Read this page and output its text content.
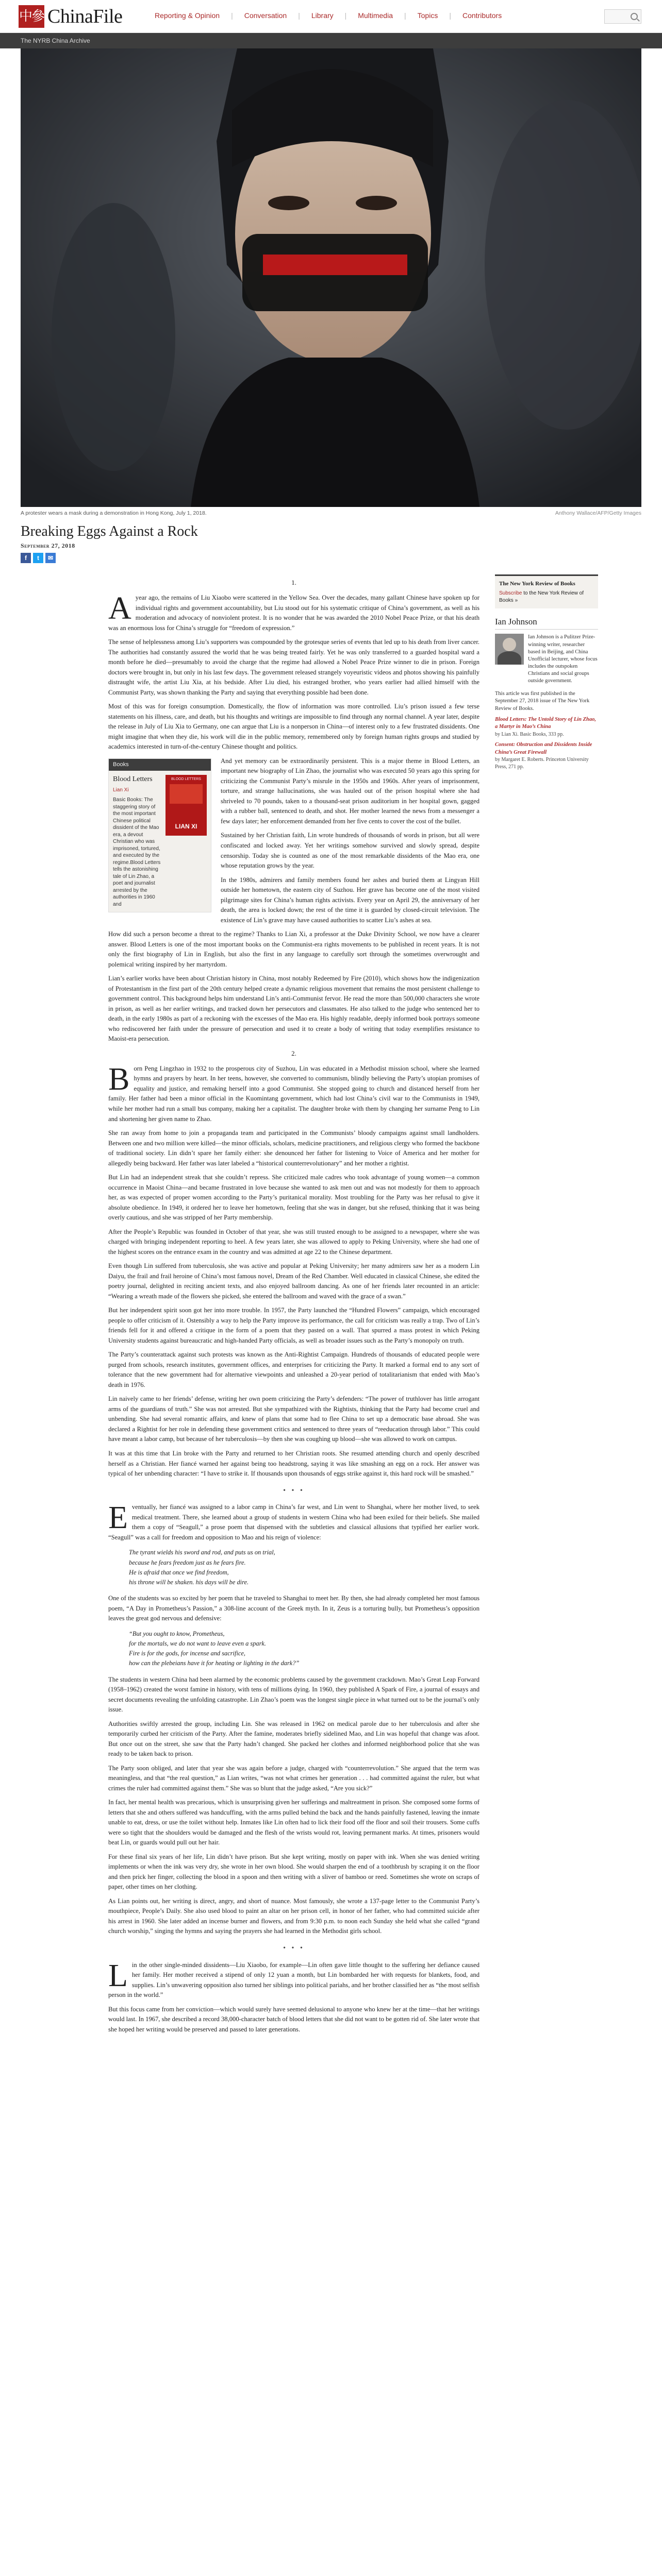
中參 ChinaFile	Reporting & Opinion | Conversation | Library | Multimedia | Topics | Contributors
The NYRB China Archive
A protester wears a mask during a demonstration in Hong Kong, July 1, 2018.	Anthony Wallace/AFP/Getty Images
Breaking Eggs Against a Rock
September 27, 2018
f	t	✉
1.

Ayear ago, the remains of Liu Xiaobo were scattered in the Yellow Sea. Over the decades, many gallant Chinese have spoken up for individual rights and government accountability, but Liu stood out for his systematic critique of China’s government, as well as his moderation and advocacy of nonviolent protest. It is no wonder that he was awarded the 2010 Nobel Peace Prize, or that his death was an enormous loss for China’s struggle for “freedom of expression.”

The sense of helplessness among Liu’s supporters was compounded by the grotesque series of events that led up to his death from liver cancer. The authorities had constantly assured the world that he was being treated fairly. Yet he was only transferred to a guarded hospital ward a month before he died—presumably to avoid the charge that the regime had allowed a Nobel Peace Prize winner to die in prison. Foreign doctors were brought in, but only in his last few days. The government released strangely voyeuristic videos and photos showing his painfully distraught wife, the artist Liu Xia, at his bedside. After Liu died, his estranged brother, who years earlier had allied himself with the Communist Party, was shown thanking the Party and saying that everything possible had been done.

Most of this was for foreign consumption. Domestically, the flow of information was more controlled. Liu’s prison issued a few terse statements on his illness, care, and death, but his thoughts and writings are impossible to find through any normal channel. A year later, despite the release in July of Liu Xia to Germany, one can argue that Liu is a nonperson in China—of interest only to a few frustrated dissidents. One might imagine that when they die, his work will die in the public memory, remembered only by foreign human rights groups and studied by academics interested in turn-of-the-century Chinese thought and politics.

Books
Blood Letters
Lian Xi
Basic Books: The staggering story of the most important Chinese political dissident of the Mao era, a devout Christian who was imprisoned, tortured, and executed by the regime.Blood Letters tells the astonishing tale of Lin Zhao, a poet and journalist arrested by the authorities in 1960 and
BLOOD LETTERS
LIAN XI

And yet memory can be extraordinarily persistent. This is a major theme in Blood Letters, an important new biography of Lin Zhao, the journalist who was executed 50 years ago this spring for criticizing the Communist Party’s misrule in the 1950s and 1960s. After years of imprisonment, torture, and strange hallucinations, she was hauled out of the prison hospital where she had shriveled to 70 pounds, taken to a thousand-seat prison auditorium in her hospital gown, gagged with a rubber ball, sentenced to death, and shot. Her mother learned the news from a messenger a few days later; her enforcement demanded from her five cents to cover the cost of the bullet.

Sustained by her Christian faith, Lin wrote hundreds of thousands of words in prison, but all were confiscated and locked away. Yet her writings somehow survived and slowly spread, despite censorship. Today she is counted as one of the most remarkable dissidents of the Mao era, one whose reputation grows by the year.

In the 1980s, admirers and family members found her ashes and buried them at Lingyan Hill outside her hometown, the eastern city of Suzhou. Her grave has become one of the most visited pilgrimage sites for China’s human rights activists. Every year on April 29, the anniversary of her death, the area is locked down; the rest of the time it is guarded by closed-circuit television. The existence of Lin’s grave may have caused authorities to scatter Liu’s ashes at sea.

How did such a person become a threat to the regime? Thanks to Lian Xi, a professor at the Duke Divinity School, we now have a clearer answer. Blood Letters is one of the most important books on the Communist-era rights movements to be published in recent years. It is not only the first biography of Lin in English, but also the first in any language to carefully sort through the sometimes overwrought and polemical writing inspired by her martyrdom.

Lian’s earlier works have been about Christian history in China, most notably Redeemed by Fire (2010), which shows how the indigenization of Protestantism in the first part of the 20th century helped create a dynamic religious movement that remains the most persistent challenge to government control. This background helps him understand Lin’s anti-Communist fervor. He read the more than 500,000 characters she wrote in prison, as well as her earlier writings, and tracked down her persecutors and classmates. He also talked to the judge who sentenced her to death, in the early 1980s as part of a reckoning with the excesses of the Mao era. His highly readable, deeply informed book portrays someone who rediscovered her faith under the pressure of persecution and used it to create a body of writing that today exemplifies resistance to Maoist-era persecution.

2.

Born Peng Lingzhao in 1932 to the prosperous city of Suzhou, Lin was educated in a Methodist mission school, where she learned hymns and prayers by heart. In her teens, however, she converted to communism, blindly believing the Party’s utopian promises of equality and justice, and remaking herself into a good Communist. She stopped going to church and distanced herself from her family. Her father had been a minor official in the Kuomintang government, which had lost China’s civil war to the Communists in 1949, while her mother had run a small bus company, making her a capitalist. The daughter broke with them by changing her surname Peng to Lin and shortening her given name to Zhao.

She ran away from home to join a propaganda team and participated in the Communists’ bloody campaigns against small landholders. Between one and two million were killed—the minor officials, scholars, medicine practitioners, and religious clergy who formed the backbone of traditional society. Lin didn’t spare her family either: she denounced her father for listening to Voice of America and her mother for allegedly being backward. Her father was later labeled a “historical counterrevolutionary” and her mother a rightist.

But Lin had an independent streak that she couldn’t repress. She criticized male cadres who took advantage of young women—a common occurrence in Maoist China—and became frustrated in love because she wanted to ask men out and was not modestly for them to approach her, as was expected of proper women according to the Party’s puritanical morality. Most troubling for the Party was her refusal to give it absolute obedience. In 1949, it ordered her to leave her hometown, feeling that she was in danger, but she refused, thinking that it was being overly cautious, and she was stripped of her Party membership.

After the People’s Republic was founded in October of that year, she was still trusted enough to be assigned to a newspaper, where she was charged with bringing independent reporting to heel. A few years later, she was allowed to apply to Peking University, where she had one of the highest scores on the entrance exam in the country and was admitted at age 22 to the Chinese department.

Even though Lin suffered from tuberculosis, she was active and popular at Peking University; her many admirers saw her as a modern Lin Daiyu, the frail and frail heroine of China’s most famous novel, Dream of the Red Chamber. Well educated in classical Chinese, she edited the poetry journal, delighted in reciting ancient texts, and also enjoyed ballroom dancing. As one of her friends later recounted in an article: “Wearing a wreath made of the flowers she picked, she entered the ballroom and waved with the grace of a swan.”

But her independent spirit soon got her into more trouble. In 1957, the Party launched the “Hundred Flowers” campaign, which encouraged people to offer criticism of it. Ostensibly a way to help the Party improve its performance, the call for criticism was really a trap. Two of Lin’s friends fell for it and offered a critique in the form of a poem that they pasted on a wall. That spurred a mass protest in which Peking University students against bureaucratic and high-handed Party officials, as well as broader issues such as the Party’s monopoly on truth.

The Party’s counterattack against such protests was known as the Anti-Rightist Campaign. Hundreds of thousands of educated people were purged from schools, research institutes, government offices, and enterprises for criticizing the Party. It marked a formal end to any sort of tolerance that the new government had for alternative viewpoints and unleashed a 20-year period of totalitarianism that ended with Mao’s death in 1976.

Lin naively came to her friends’ defense, writing her own poem criticizing the Party’s defenders: “The power of truthlover has little arrogant arms of the guardians of truth.” She was not arrested. But she sympathized with the Rightists, thinking that the Party had become cruel and unbending. She had several romantic affairs, and knew of plans that some had to flee China to set up a democratic base abroad. She was declared a Rightist for her role in defending these government critics and sentenced to three years of “reeducation through labor.” This could have meant a labor camp, but because of her tuberculosis—by then she was coughing up blood—she was allowed to work on campus.

It was at this time that Lin broke with the Party and returned to her Christian roots. She resumed attending church and openly described herself as a Christian. Her fiancé warned her against being too headstrong, saying it was like smashing an egg on a rock. Her answer was typical of her unbending character: “I have to strike it. If thousands upon thousands of eggs strike against it, this hard rock will be smashed.”

• • •

Eventually, her fiancé was assigned to a labor camp in China’s far west, and Lin went to Shanghai, where her mother lived, to seek medical treatment. There, she learned about a group of students in western China who had been exiled for their beliefs. She mailed them a copy of “Seagull,” a prose poem that dispensed with the subtleties and classical allusions that typified her earlier work. “Seagull” was a call for freedom and opposition to Mao and his reign of violence:

The tyrant wields his sword and rod, and puts us on trial,
because he fears freedom just as he fears fire.
He is afraid that once we find freedom,
his throne will be shaken. his days will be dire.

One of the students was so excited by her poem that he traveled to Shanghai to meet her. By then, she had already completed her most famous poem, “A Day in Prometheus’s Passion,” a 308-line account of the Greek myth. In it, Zeus is a torturing bully, but Prometheus’s opposition leaves the great god nervous and defensive:

“But you ought to know, Prometheus,
for the mortals, we do not want to leave even a spark.
Fire is for the gods, for incense and sacrifice,
how can the plebeians have it for heating or lighting in the dark?”

The students in western China had been alarmed by the economic problems caused by the government crackdown. Mao’s Great Leap Forward (1958–1962) created the worst famine in history, with tens of millions dying. In 1960, they published A Spark of Fire, a journal of essays and secret documents revealing the unfolding catastrophe. Lin Zhao’s poem was the longest single piece in what turned out to be the journal’s only issue.

Authorities swiftly arrested the group, including Lin. She was released in 1962 on medical parole due to her tuberculosis and after she temporarily curbed her criticism of the Party. After the famine, moderates briefly sidelined Mao, and Lin was hopeful that change was afoot. But once out on the street, she saw that the Party hadn’t changed. She packed her clothes and informed neighborhood police that she was ready to be taken back to prison.

The Party soon obliged, and later that year she was again before a judge, charged with “counterrevolution.” She argued that the term was meaningless, and that “the real question,” as Lian writes, “was not what crimes her generation . . . had committed against the ruler, but what crimes the ruler had committed against them.” She was so blunt that the judge asked, “Are you sick?”

In fact, her mental health was precarious, which is unsurprising given her sufferings and maltreatment in prison. She composed some forms of letters that she and others suffered was handcuffing, with the arms pulled behind the back and the hands painfully fastened, leaving the inmate unable to eat, dress, or use the toilet without help. Inmates like Lin often had to lick their food off the floor and soil their trousers. Some cuffs were so tight that the shoulders would be damaged and the flesh of the wrists would rot, leaving permanent marks. At times, prisoners would beat Lin, or guards would pull out her hair.

For these final six years of her life, Lin didn’t have prison. But she kept writing, mostly on paper with ink. When she was denied writing implements or when the ink was very dry, she wrote in her own blood. She would sharpen the end of a toothbrush by scraping it on the floor and then prick her finger, collecting the blood in a spoon and then writing with a sliver of bamboo or reed. Sometimes she wrote on scraps of paper, other times on her clothing.

As Lian points out, her writing is direct, angry, and short of nuance. Most famously, she wrote a 137-page letter to the Communist Party’s mouthpiece, People’s Daily. She also used blood to paint an altar on her prison cell, in honor of her father, who had committed suicide after his arrest in 1960. She later added an incense burner and flowers, and from 9:30 p.m. to noon each Sunday she held what she called “grand church worship,” singing the hymns and saying the prayers she had learned in the Methodist girls school.

• • •

Lin the other single-minded dissidents—Liu Xiaobo, for example—Lin often gave little thought to the suffering her defiance caused her family. Her mother received a stipend of only 12 yuan a month, but Lin bombarded her with requests for blankets, food, and supplies. Lin’s unwavering opposition also turned her siblings into political pariahs, and her brother classified her as “the most selfish person in the world.”

But this focus came from her conviction—which would surely have seemed delusional to anyone who knew her at the time—that her writings would last. In 1967, she described a record 38,000-character batch of blood letters that she did not want to be gotten rid of. She later wrote that she hoped her writing would be preserved and passed to later generations.

The New York Review of Books
Subscribe to the New York Review of Books »
Ian Johnson
Ian Johnson is a Pulitzer Prize-winning writer, researcher based in Beijing, and China Unofficial lecturer, whose focus includes the outspoken Christians and social groups outside government.
This article was first published in the September 27, 2018 issue of The New York Review of Books.
Blood Letters: The Untold Story of Lin Zhao, a Martyr in Mao’s China
by Lian Xi. Basic Books, 333 pp.
Consent: Obstruction and Dissidents Inside China’s Great Firewall
by Margaret E. Roberts. Princeton University Press, 271 pp.
